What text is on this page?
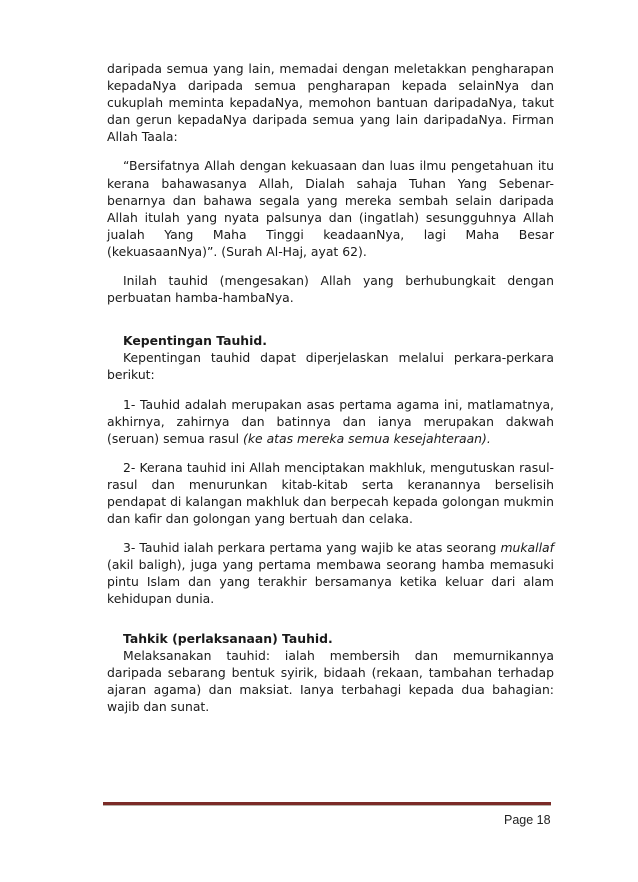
daripada semua yang lain, memadai dengan meletakkan pengharapan kepadaNya daripada semua pengharapan kepada selainNya dan cukuplah meminta kepadaNya, memohon bantuan daripadaNya, takut dan gerun kepadaNya daripada semua yang lain daripadaNya. Firman Allah Taala:

“Bersifatnya Allah dengan kekuasaan dan luas ilmu pengetahuan itu kerana bahawasanya Allah, Dialah sahaja Tuhan Yang Sebenar-benarnya dan bahawa segala yang mereka sembah selain daripada Allah itulah yang nyata palsunya dan (ingatlah) sesungguhnya Allah jualah Yang Maha Tinggi keadaanNya, lagi Maha Besar (kekuasaanNya)”. (Surah Al-Haj, ayat 62).

Inilah tauhid (mengesakan) Allah yang berhubungkait dengan perbuatan hamba-hambaNya.

Kepentingan Tauhid.

Kepentingan tauhid dapat diperjelaskan melalui perkara-perkara berikut:

1- Tauhid adalah merupakan asas pertama agama ini, matlamatnya, akhirnya, zahirnya dan batinnya dan ianya merupakan dakwah (seruan) semua rasul (ke atas mereka semua kesejahteraan).

2- Kerana tauhid ini Allah menciptakan makhluk, mengutuskan rasul-rasul dan menurunkan kitab-kitab serta keranannya berselisih pendapat di kalangan makhluk dan berpecah kepada golongan mukmin dan kafir dan golongan yang bertuah dan celaka.

3- Tauhid ialah perkara pertama yang wajib ke atas seorang mukallaf (akil baligh), juga yang pertama membawa seorang hamba memasuki pintu Islam dan yang terakhir bersamanya ketika keluar dari alam kehidupan dunia.

Tahkik (perlaksanaan) Tauhid.

Melaksanakan tauhid: ialah membersih dan memurnikannya daripada sebarang bentuk syirik, bidaah (rekaan, tambahan terhadap ajaran agama) dan maksiat. Ianya terbahagi kepada dua bahagian: wajib dan sunat.

Page 18
